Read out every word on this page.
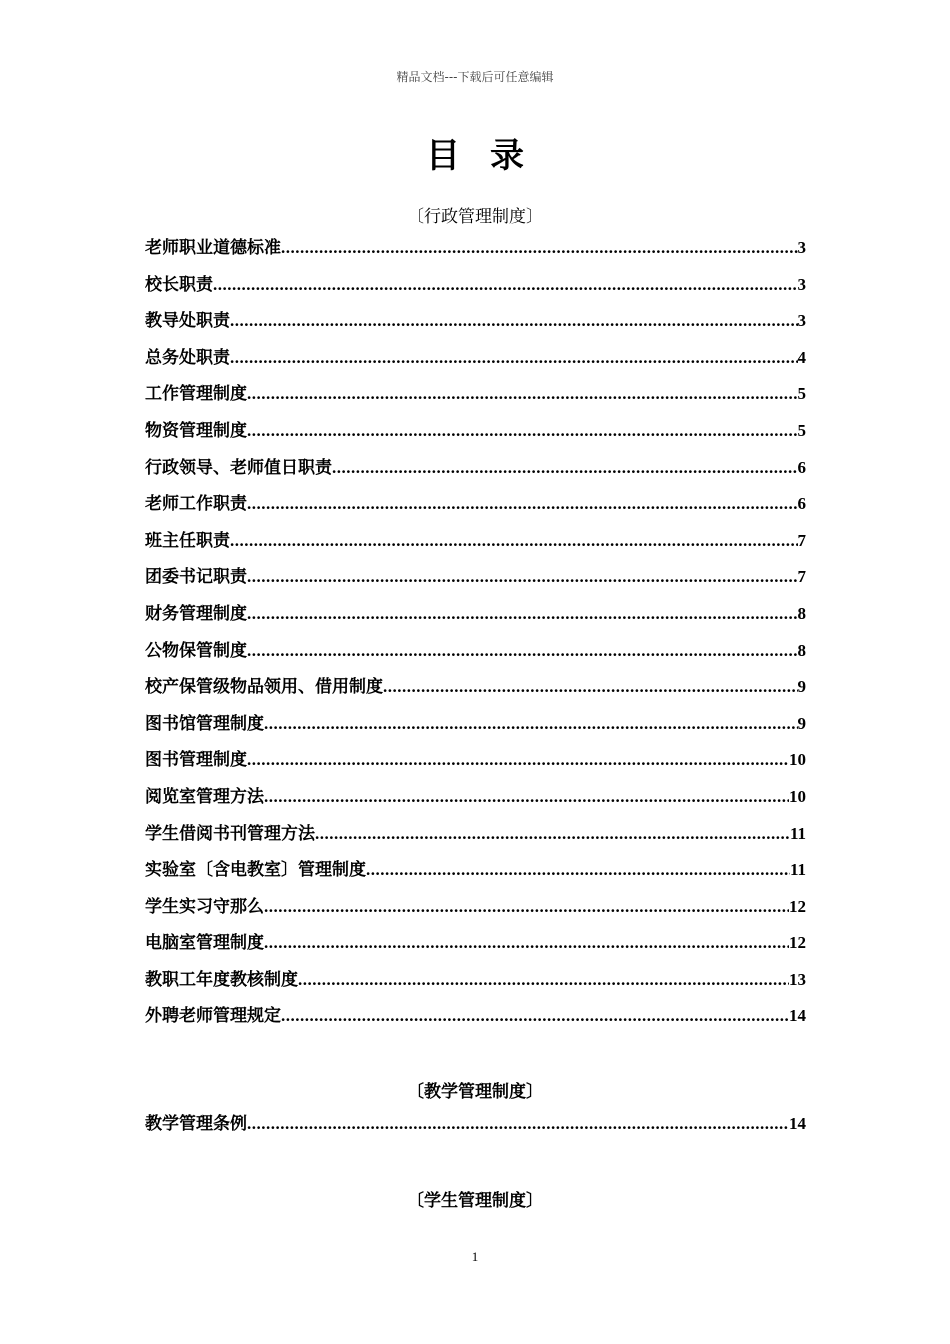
精品文档---下载后可任意编辑
目录
〔行政管理制度〕
老师职业道德标准 .....	3
校长职责 .....	3
教导处职责 .....	3
总务处职责 .....	4
工作管理制度 .....	5
物资管理制度 .....	5
行政领导、老师值日职责 .....	6
老师工作职责 .....	6
班主任职责 .....	7
团委书记职责 .....	7
财务管理制度 .....	8
公物保管制度 .....	8
校产保管级物品领用、借用制度 .....	9
图书馆管理制度 .....	9
图书管理制度 .....	10
阅览室管理方法 .....	10
学生借阅书刊管理方法 .....	11
实验室〔含电教室〕管理制度 .....	11
学生实习守那么 .....	12
电脑室管理制度 .....	12
教职工年度教核制度 .....	13
外聘老师管理规定 .....	14
〔教学管理制度〕
教学管理条例 .....	14
〔学生管理制度〕
1
